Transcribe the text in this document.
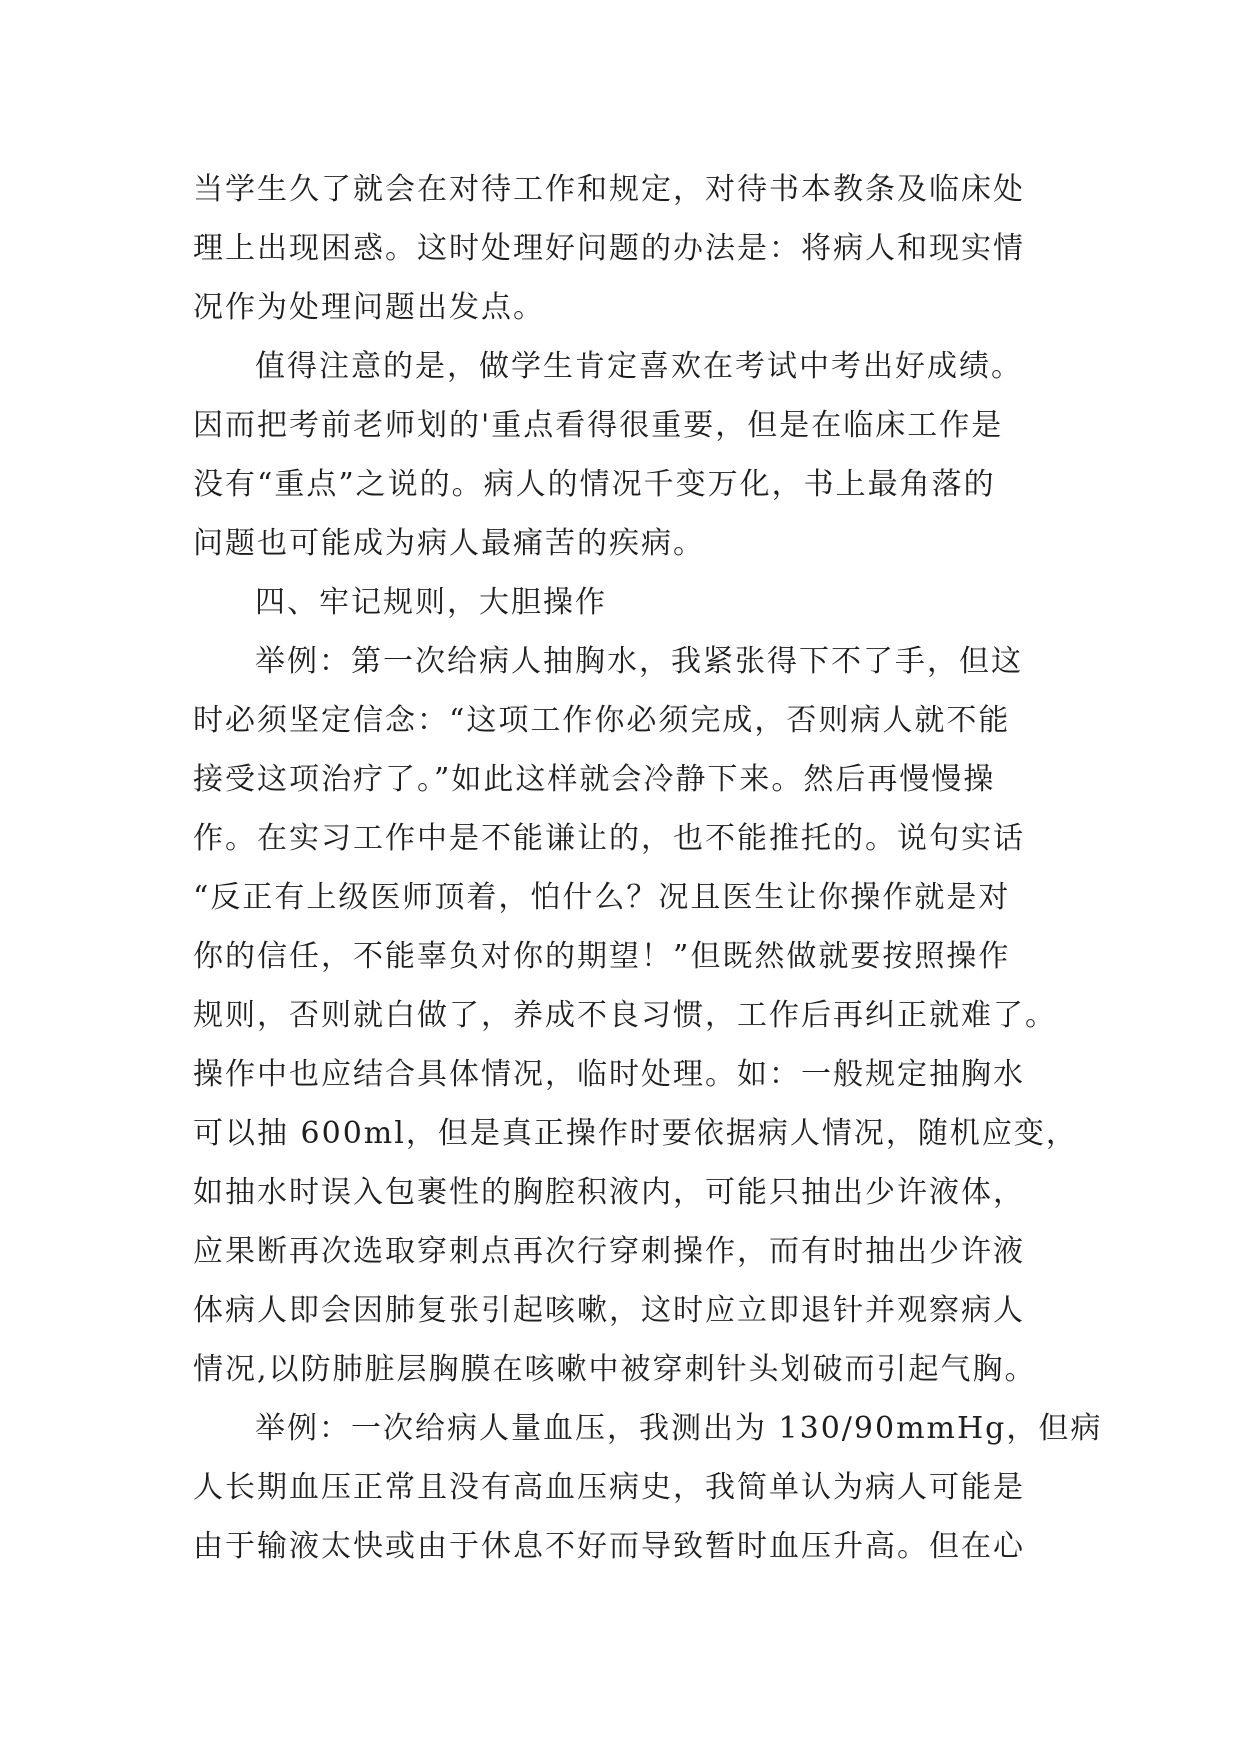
当学生久了就会在对待工作和规定，对待书本教条及临床处
理上出现困惑。这时处理好问题的办法是：将病人和现实情
况作为处理问题出发点。
值得注意的是，做学生肯定喜欢在考试中考出好成绩。
因而把考前老师划的'重点看得很重要，但是在临床工作是
没有“重点”之说的。病人的情况千变万化，书上最角落的
问题也可能成为病人最痛苦的疾病。
四、牢记规则，大胆操作
举例：第一次给病人抽胸水，我紧张得下不了手，但这
时必须坚定信念：“这项工作你必须完成，否则病人就不能
接受这项治疗了。”如此这样就会冷静下来。然后再慢慢操
作。在实习工作中是不能谦让的，也不能推托的。说句实话
“反正有上级医师顶着，怕什么？况且医生让你操作就是对
你的信任，不能辜负对你的期望！”但既然做就要按照操作
规则，否则就白做了，养成不良习惯，工作后再纠正就难了。
操作中也应结合具体情况，临时处理。如：一般规定抽胸水
可以抽 600ml，但是真正操作时要依据病人情况，随机应变，
如抽水时误入包裹性的胸腔积液内，可能只抽出少许液体，
应果断再次选取穿刺点再次行穿刺操作，而有时抽出少许液
体病人即会因肺复张引起咳嗽，这时应立即退针并观察病人
情况,以防肺脏层胸膜在咳嗽中被穿刺针头划破而引起气胸。
举例：一次给病人量血压，我测出为 130/90mmHg，但病
人长期血压正常且没有高血压病史，我简单认为病人可能是
由于输液太快或由于休息不好而导致暂时血压升高。但在心
